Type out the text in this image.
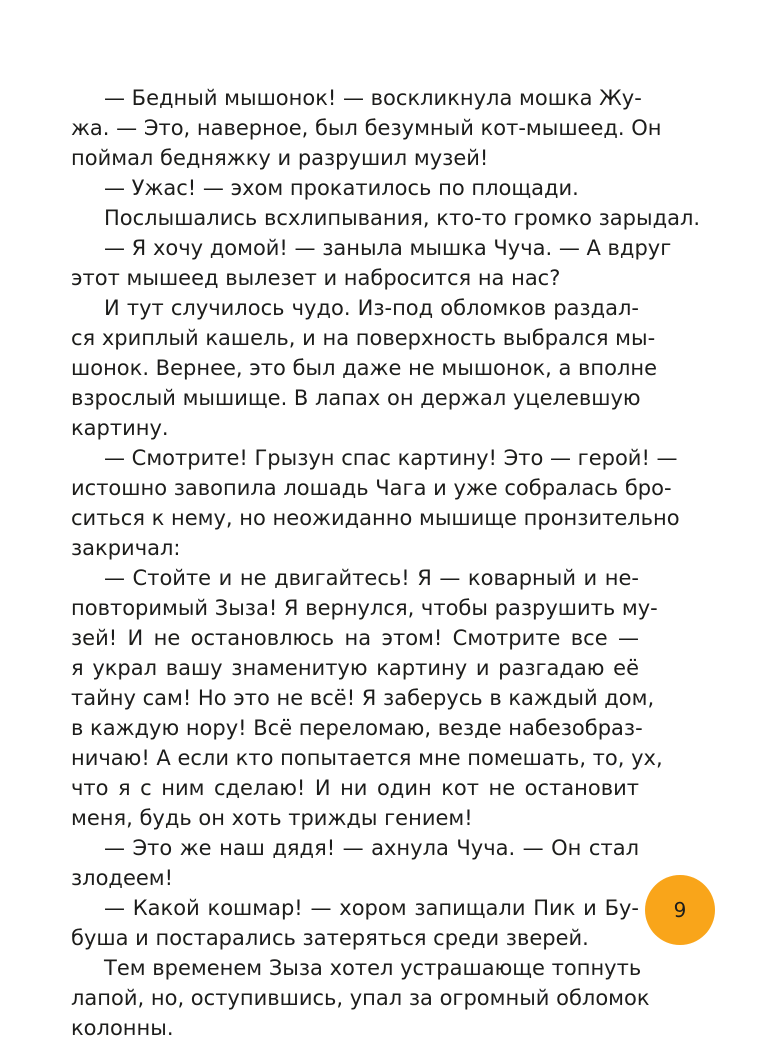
— Бедный мышонок! — воскликнула мошка Жу-
жа. — Это, наверное, был безумный кот-мышеед. Он
поймал бедняжку и разрушил музей!
— Ужас! — эхом прокатилось по площади.
Послышались всхлипывания, кто-то громко зарыдал.
— Я хочу домой! — заныла мышка Чуча. — А вдруг
этот мышеед вылезет и набросится на нас?
И тут случилось чудо. Из-под обломков раздал-
ся хриплый кашель, и на поверхность выбрался мы-
шонок. Вернее, это был даже не мышонок, а вполне
взрослый мышище. В лапах он держал уцелевшую
картину.
— Смотрите! Грызун спас картину! Это — герой! —
истошно завопила лошадь Чага и уже собралась бро-
ситься к нему, но неожиданно мышище пронзительно
закричал:
— Стойте и не двигайтесь! Я — коварный и не-
повторимый Зыза! Я вернулся, чтобы разрушить му-
зей! И не остановлюсь на этом! Смотрите все —
я украл вашу знаменитую картину и разгадаю её
тайну сам! Но это не всё! Я заберусь в каждый дом,
в каждую нору! Всё переломаю, везде набезобраз-
ничаю! А если кто попытается мне помешать, то, ух,
что я с ним сделаю! И ни один кот не остановит
меня, будь он хоть трижды гением!
— Это же наш дядя! — ахнула Чуча. — Он стал
злодеем!
— Какой кошмар! — хором запищали Пик и Бу-
буша и постарались затеряться среди зверей.
Тем временем Зыза хотел устрашающе топнуть
лапой, но, оступившись, упал за огромный обломок
колонны.
9
